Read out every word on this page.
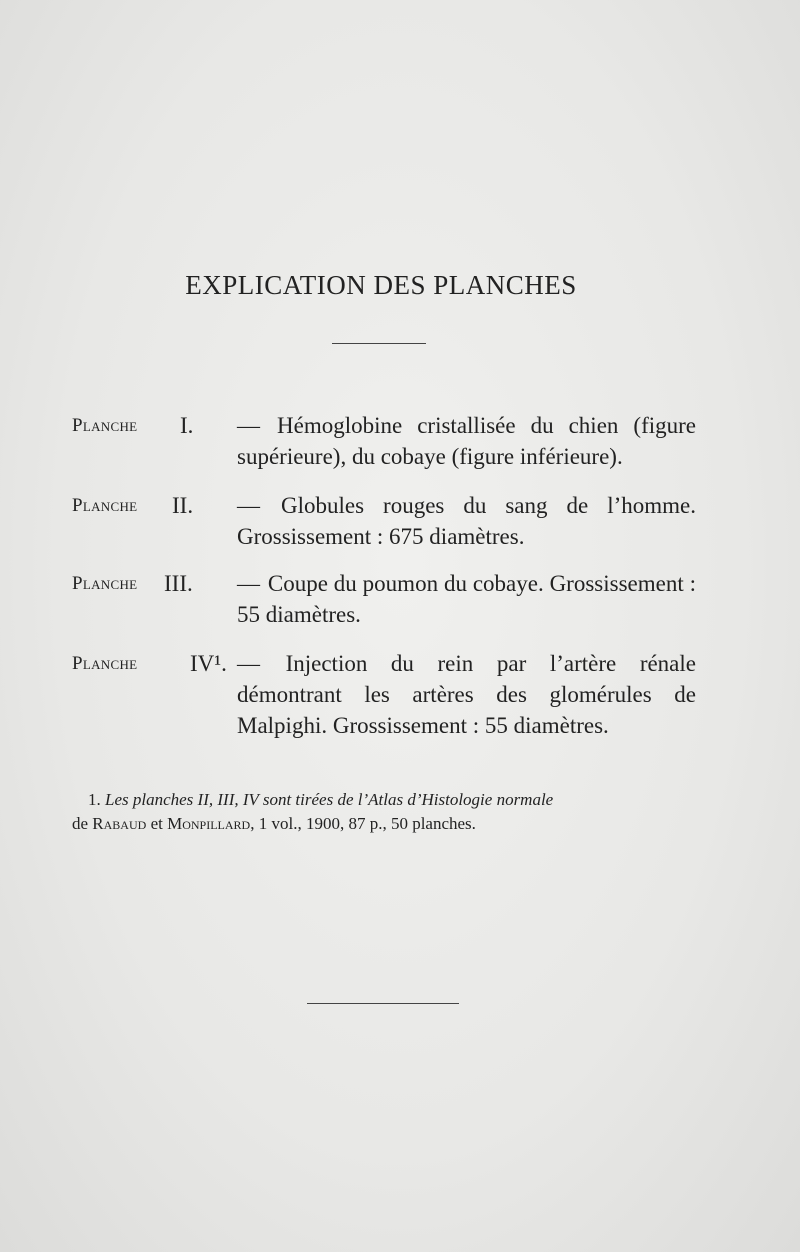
EXPLICATION DES PLANCHES
Planche I. — Hémoglobine cristallisée du chien (figure supérieure), du cobaye (figure inférieure).
Planche II. — Globules rouges du sang de l’homme. Grossissement : 675 diamètres.
Planche III. — Coupe du poumon du cobaye. Grossissement : 55 diamètres.
Planche IV¹. — Injection du rein par l’artère rénale démontrant les artères des glomérules de Malpighi. Grossissement : 55 diamètres.
1. Les planches II, III, IV sont tirées de l’Atlas d’Histologie normale
de Rabaud et Monpillard, 1 vol., 1900, 87 p., 50 planches.
